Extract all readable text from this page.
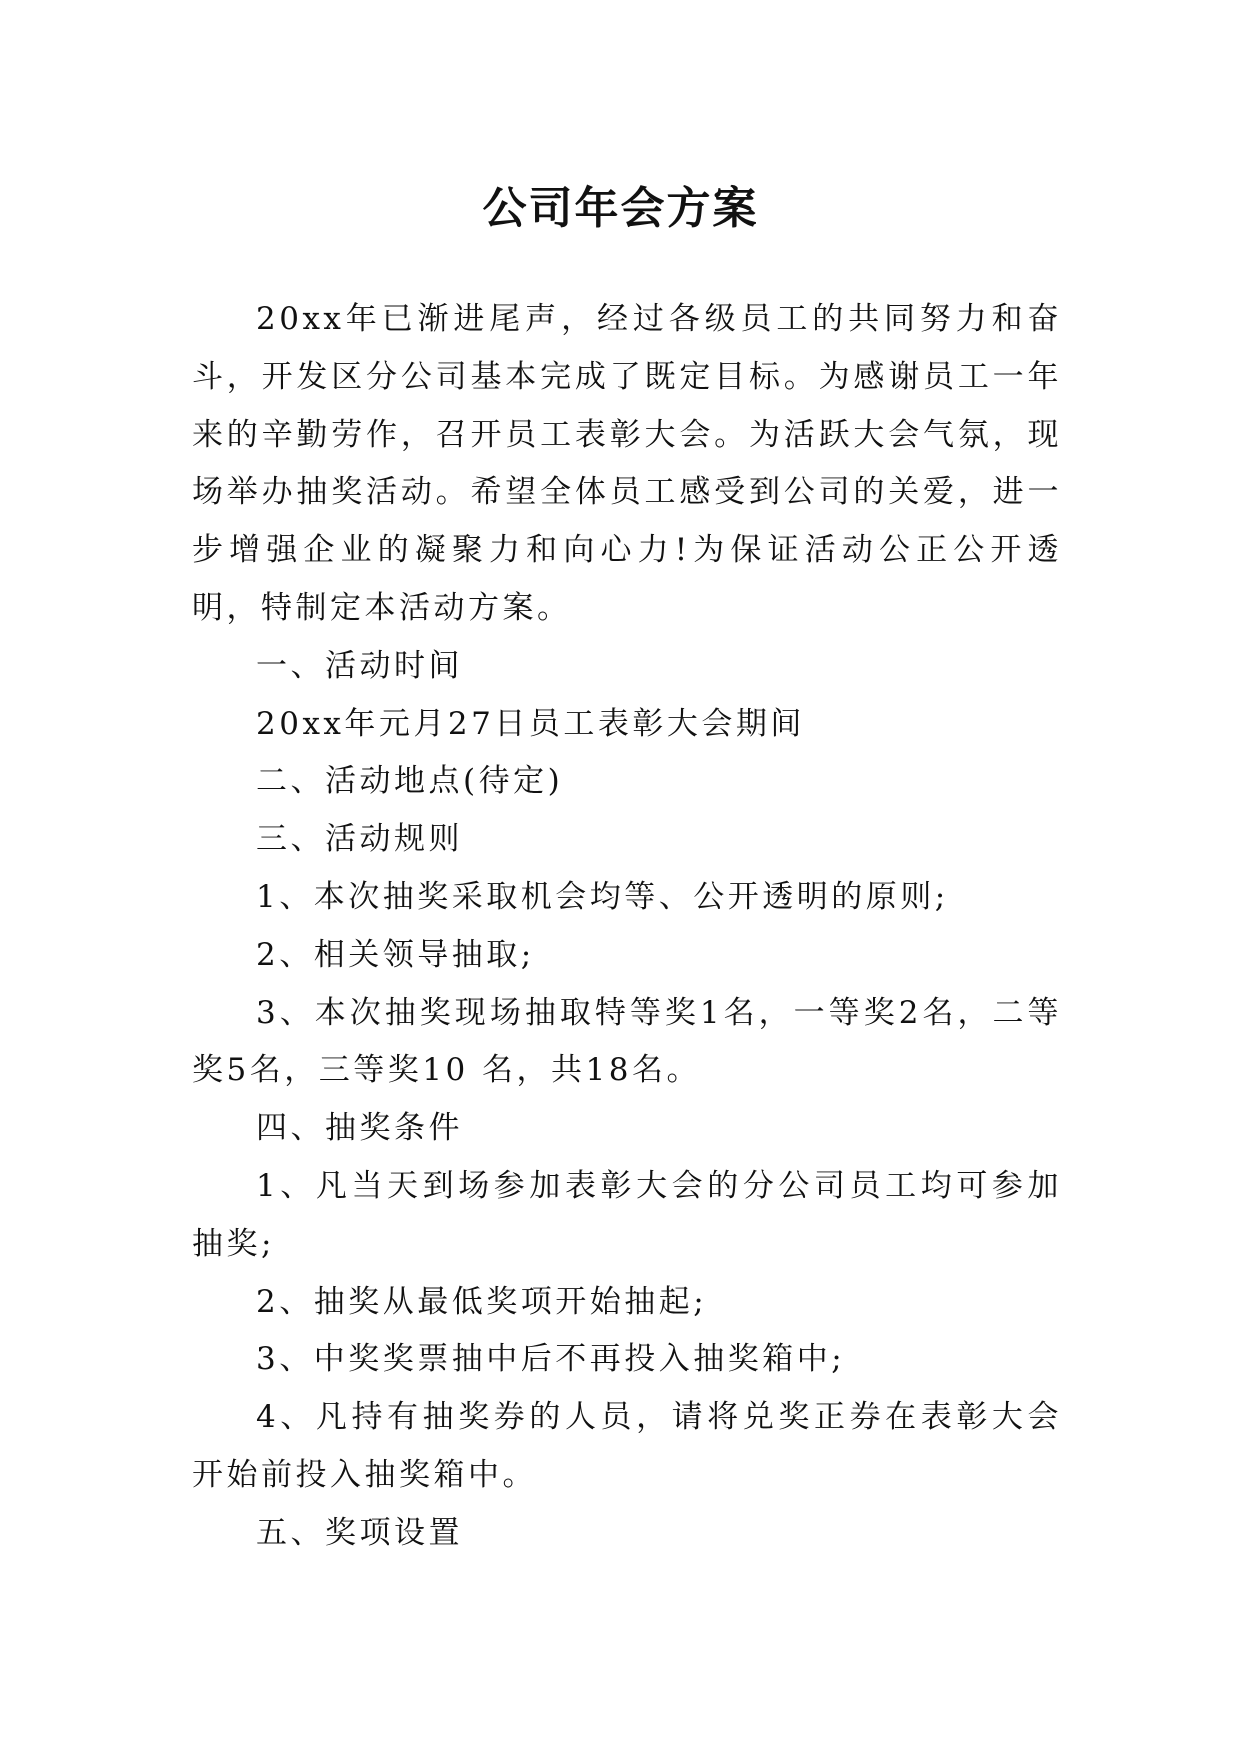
公司年会方案

20xx年已渐进尾声，经过各级员工的共同努力和奋斗，开发区分公司基本完成了既定目标。为感谢员工一年来的辛勤劳作，召开员工表彰大会。为活跃大会气氛，现场举办抽奖活动。希望全体员工感受到公司的关爱，进一步增强企业的凝聚力和向心力!为保证活动公正公开透明，特制定本活动方案。

一、活动时间

20xx年元月27日员工表彰大会期间

二、活动地点(待定)

三、活动规则

1、本次抽奖采取机会均等、公开透明的原则;

2、相关领导抽取;

3、本次抽奖现场抽取特等奖1名，一等奖2名，二等奖5名，三等奖10 名，共18名。

四、抽奖条件

1、凡当天到场参加表彰大会的分公司员工均可参加抽奖;

2、抽奖从最低奖项开始抽起;

3、中奖奖票抽中后不再投入抽奖箱中;

4、凡持有抽奖券的人员，请将兑奖正券在表彰大会开始前投入抽奖箱中。

五、奖项设置
